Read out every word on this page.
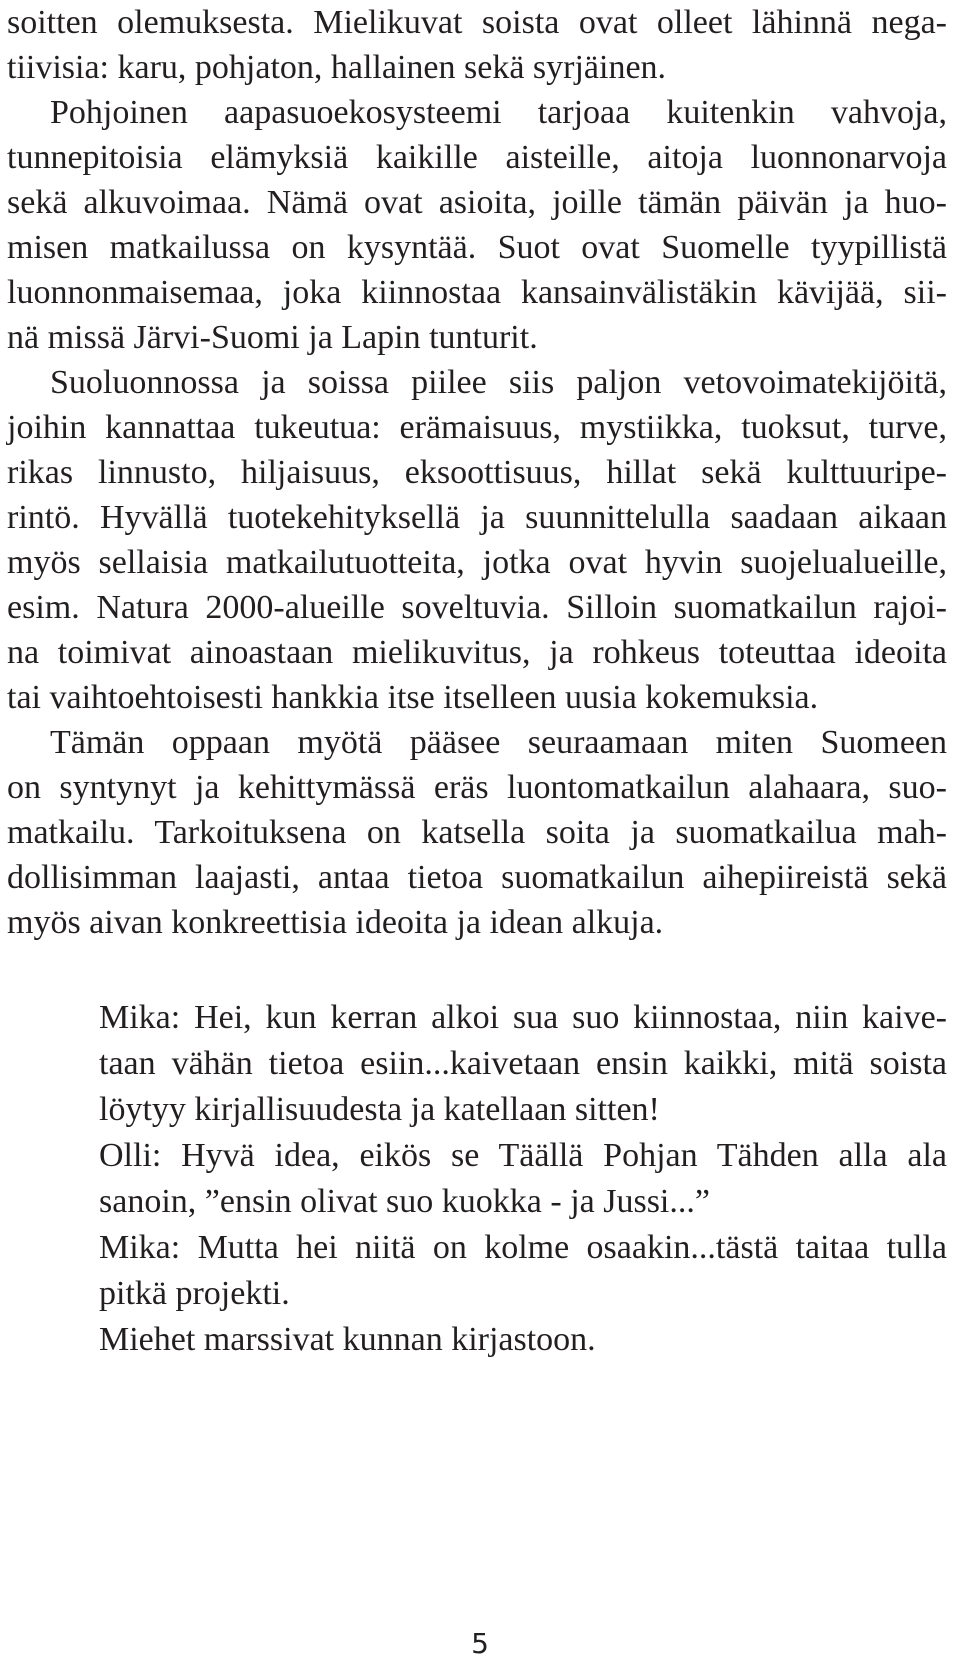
soitten olemuksesta. Mielikuvat soista ovat olleet lähinnä nega-
tiivisia: karu, pohjaton, hallainen sekä syrjäinen.
Pohjoinen aapasuoekosysteemi tarjoaa kuitenkin vahvoja,
tunnepitoisia elämyksiä kaikille aisteille, aitoja luonnonarvoja
sekä alkuvoimaa. Nämä ovat asioita, joille tämän päivän ja huo-
misen matkailussa on kysyntää. Suot ovat Suomelle tyypillistä
luonnonmaisemaa, joka kiinnostaa kansainvälistäkin kävijää, sii-
nä missä Järvi-Suomi ja Lapin tunturit.
Suoluonnossa ja soissa piilee siis paljon vetovoimatekijöitä,
joihin kannattaa tukeutua: erämaisuus, mystiikka, tuoksut, turve,
rikas linnusto, hiljaisuus, eksoottisuus, hillat sekä kulttuuripe-
rintö. Hyvällä tuotekehityksellä ja suunnittelulla saadaan aikaan
myös sellaisia matkailutuotteita, jotka ovat hyvin suojelualueille,
esim. Natura 2000-alueille soveltuvia. Silloin suomatkailun rajoi-
na toimivat ainoastaan mielikuvitus, ja rohkeus toteuttaa ideoita
tai vaihtoehtoisesti hankkia itse itselleen uusia kokemuksia.
Tämän oppaan myötä pääsee seuraamaan miten Suomeen
on syntynyt ja kehittymässä eräs luontomatkailun alahaara, suo-
matkailu. Tarkoituksena on katsella soita ja suomatkailua mah-
dollisimman laajasti, antaa tietoa suomatkailun aihepiireistä sekä
myös aivan konkreettisia ideoita ja idean alkuja.
Mika: Hei, kun kerran alkoi sua suo kiinnostaa, niin kaive-
taan vähän tietoa esiin...kaivetaan ensin kaikki, mitä soista
löytyy kirjallisuudesta ja katellaan sitten!
Olli: Hyvä idea, eikös se Täällä Pohjan Tähden alla ala
sanoin, ”ensin olivat suo kuokka - ja Jussi...”
Mika: Mutta hei niitä on kolme osaakin...tästä taitaa tulla
pitkä projekti.
Miehet marssivat kunnan kirjastoon.

5
